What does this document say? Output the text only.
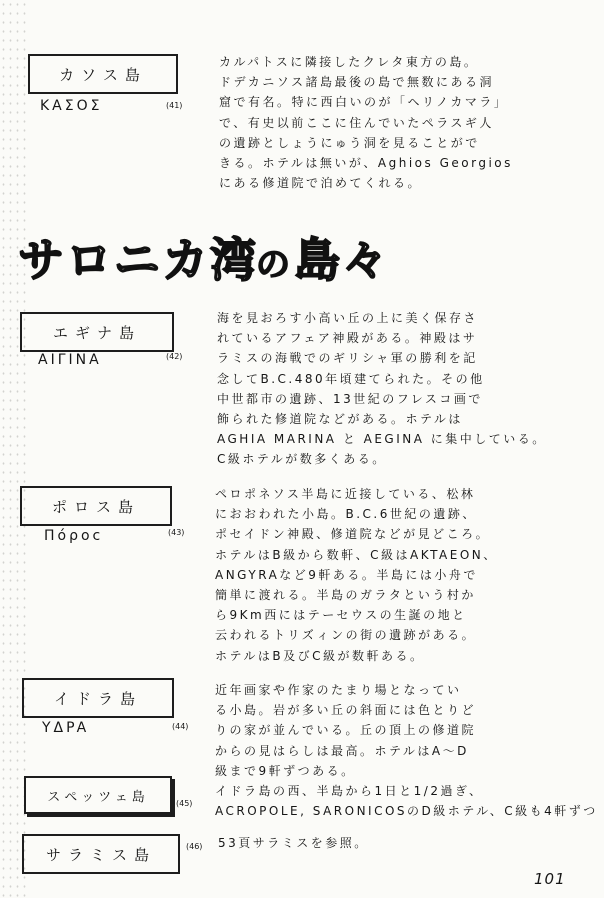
カソス島
ΚΑΣΟΣ	(41)
カルパトスに隣接したクレタ東方の島。
ドデカニソス諸島最後の島で無数にある洞
窟で有名。特に西白いのが「ヘリノカマラ」
で、有史以前ここに住んでいたペラスギ人
の遺跡としょうにゅう洞を見ることがで
きる。ホテルは無いが、Aghios Georgios
にある修道院で泊めてくれる。
サロニカ湾
の 島々
エギナ島
AIΓINA	(42)
海を見おろす小高い丘の上に美く保存さ
れているアフェア神殿がある。神殿はサ
ラミスの海戦でのギリシャ軍の勝利を記
念してB.C.480年頃建てられた。その他
中世都市の遺跡、13世紀のフレスコ画で
飾られた修道院などがある。ホテルは
AGHIA MARINA と AEGINA に集中している。
C級ホテルが数多くある。
ポロス島
Πόροc	(43)
ペロポネソス半島に近接している、松林
におおわれた小島。B.C.6世紀の遺跡、
ポセイドン神殿、修道院などが見どころ。
ホテルはB級から数軒、C級はAKTAEON、
ANGYRAなど9軒ある。半島には小舟で
簡単に渡れる。半島のガラタという村か
ら9Km西にはテーセウスの生誕の地と
云われるトリズィンの街の遺跡がある。
ホテルはB及びC級が数軒ある。
イドラ島
YΔPA	(44)
近年画家や作家のたまり場となってい
る小島。岩が多い丘の斜面には色とりど
りの家が並んでいる。丘の頂上の修道院
からの見はらしは最高。ホテルはA〜D
級まで9軒ずつある。
イドラ島の西、半島から1日と1/2過ぎ、
ACROPOLE, SARONICOSのD級ホテル、C級も4軒ずつ
スペッツェ島	(45)
サラミス島	(46) 53頁サラミスを参照。
101
